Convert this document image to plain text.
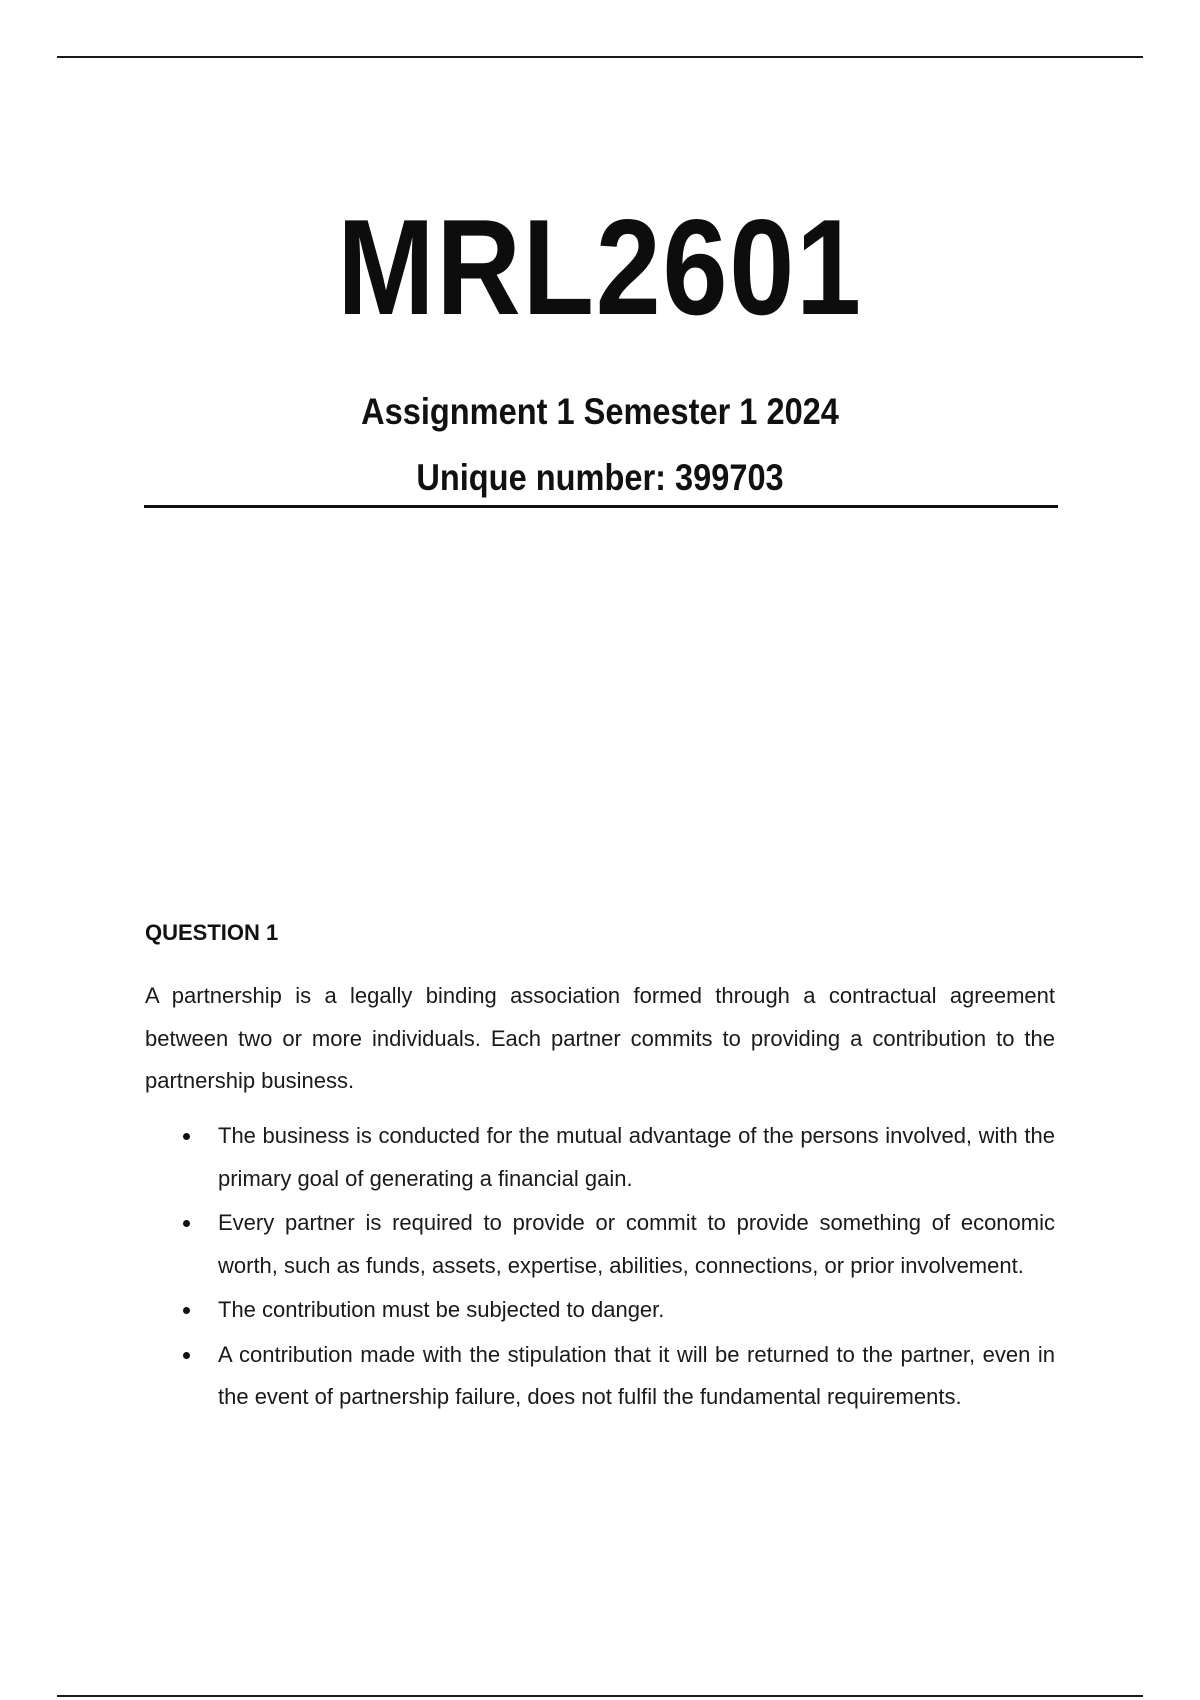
MRL2601
Assignment 1 Semester 1 2024
Unique number: 399703
QUESTION 1
A partnership is a legally binding association formed through a contractual agreement between two or more individuals. Each partner commits to providing a contribution to the partnership business.
The business is conducted for the mutual advantage of the persons involved, with the primary goal of generating a financial gain.
Every partner is required to provide or commit to provide something of economic worth, such as funds, assets, expertise, abilities, connections, or prior involvement.
The contribution must be subjected to danger.
A contribution made with the stipulation that it will be returned to the partner, even in the event of partnership failure, does not fulfil the fundamental requirements.
